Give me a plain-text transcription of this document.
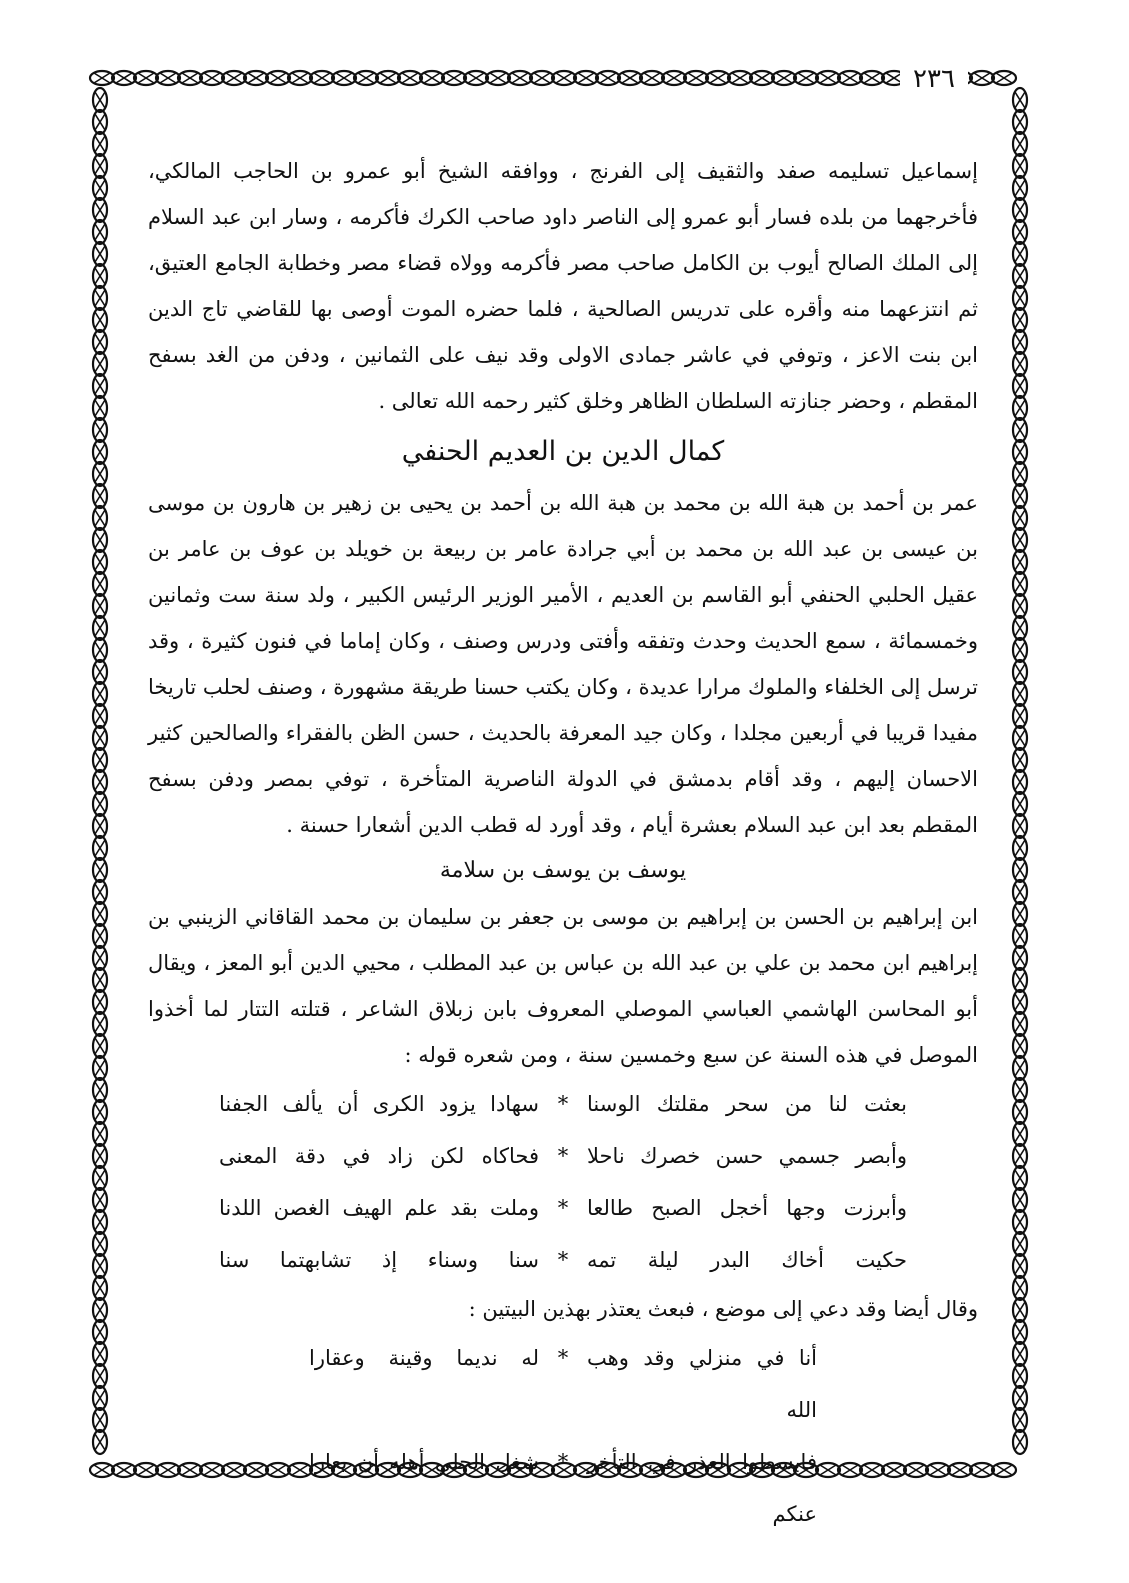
٢٣٦

إسماعيل تسليمه صفد والثقيف إلى الفرنج ، ووافقه الشيخ أبو عمرو بن الحاجب المالكي، فأخرجهما من بلده فسار أبو عمرو إلى الناصر داود صاحب الكرك فأكرمه ، وسار ابن عبد السلام إلى الملك الصالح أيوب بن الكامل صاحب مصر فأكرمه وولاه قضاء مصر وخطابة الجامع العتيق، ثم انتزعهما منه وأقره على تدريس الصالحية ، فلما حضره الموت أوصى بها للقاضي تاج الدين ابن بنت الاعز ، وتوفي في عاشر جمادى الاولى وقد نيف على الثمانين ، ودفن من الغد بسفح المقطم ، وحضر جنازته السلطان الظاهر وخلق كثير رحمه الله تعالى .

كمال الدين بن العديم الحنفي

عمر بن أحمد بن هبة الله بن محمد بن هبة الله بن أحمد بن يحيى بن زهير بن هارون بن موسى بن عيسى بن عبد الله بن محمد بن أبي جرادة عامر بن ربيعة بن خويلد بن عوف بن عامر بن عقيل الحلبي الحنفي أبو القاسم بن العديم ، الأمير الوزير الرئيس الكبير ، ولد سنة ست وثمانين وخمسمائة ، سمع الحديث وحدث وتفقه وأفتى ودرس وصنف ، وكان إماما في فنون كثيرة ، وقد ترسل إلى الخلفاء والملوك مرارا عديدة ، وكان يكتب حسنا طريقة مشهورة ، وصنف لحلب تاريخا مفيدا قريبا في أربعين مجلدا ، وكان جيد المعرفة بالحديث ، حسن الظن بالفقراء والصالحين كثير الاحسان إليهم ، وقد أقام بدمشق في الدولة الناصرية المتأخرة ، توفي بمصر ودفن بسفح المقطم بعد ابن عبد السلام بعشرة أيام ، وقد أورد له قطب الدين أشعارا حسنة .

يوسف بن يوسف بن سلامة

ابن إبراهيم بن الحسن بن إبراهيم بن موسى بن جعفر بن سليمان بن محمد القاقاني الزينبي بن إبراهيم ابن محمد بن علي بن عبد الله بن عباس بن عبد المطلب ، محيي الدين أبو المعز ، ويقال أبو المحاسن الهاشمي العباسي الموصلي المعروف بابن زبلاق الشاعر ، قتلته التتار لما أخذوا الموصل في هذه السنة عن سبع وخمسين سنة ، ومن شعره قوله :

بعثت لنا من سحر مقلتك الوسنا
*
سهادا يزود الكرى أن يألف الجفنا
وأبصر جسمي حسن خصرك ناحلا
*
فحاكاه لكن زاد في دقة المعنى
وأبرزت وجها أخجل الصبح طالعا
*
وملت بقد علم الهيف الغصن اللدنا
حكيت أخاك البدر ليلة تمه
*
سنا وسناء إذ تشابهتما سنا

وقال أيضا وقد دعي إلى موضع ، فبعث يعتذر بهذين البيتين :

أنا في منزلي وقد وهب الله
*
له نديما وقينة وعقارا
فابسطوا العذر في التأخر عنكم
*
شغل الحلي أهله أن يعارا
